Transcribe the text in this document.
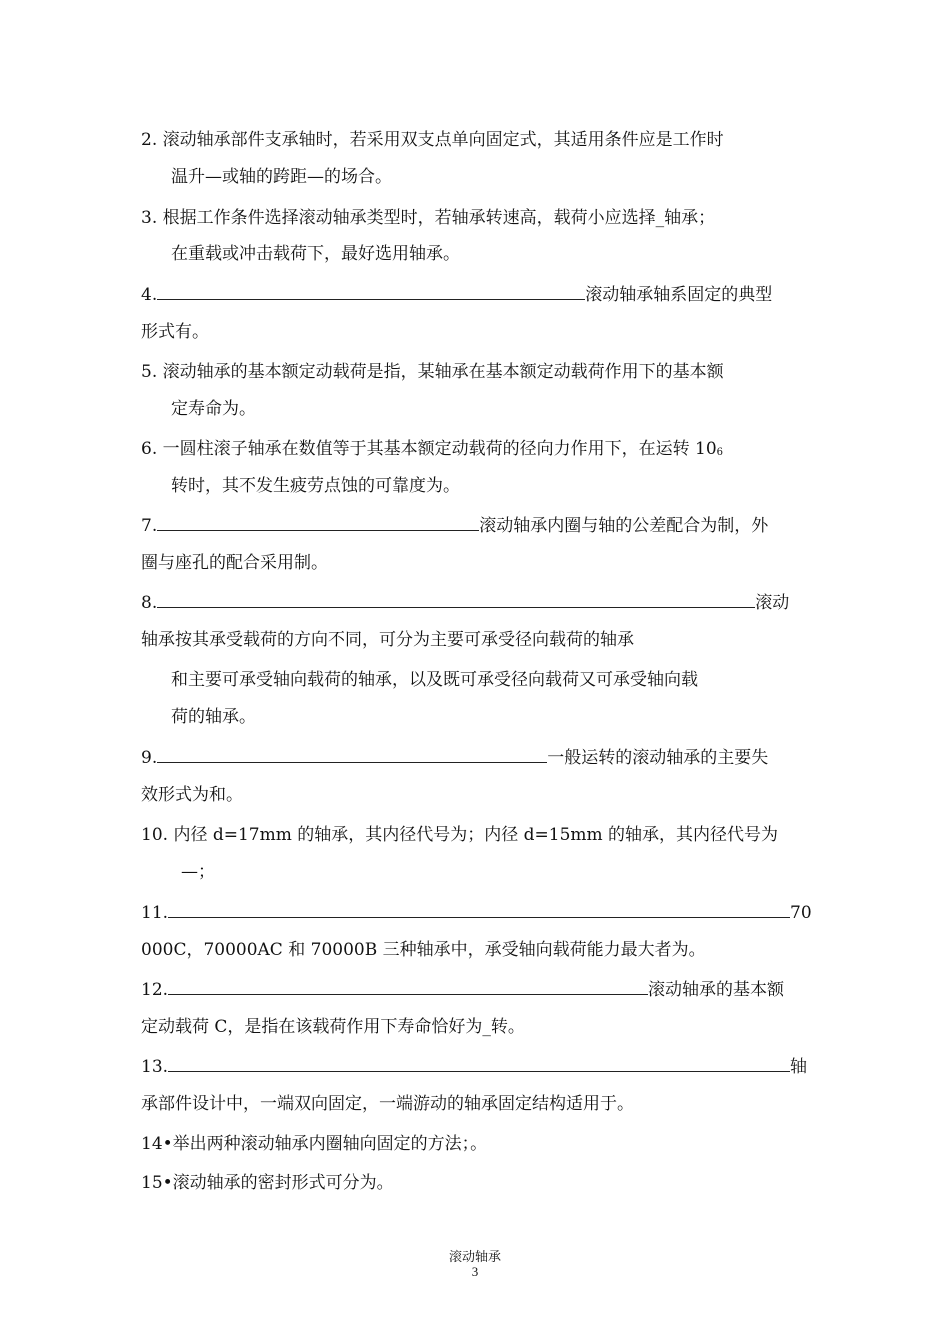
2. 滚动轴承部件支承轴时，若采用双支点单向固定式，其适用条件应是工作时
温升—或轴的跨距—的场合。
3. 根据工作条件选择滚动轴承类型时，若轴承转速高，载荷小应选择_轴承；
在重载或冲击载荷下，最好选用轴承。
4.	滚动轴承轴系固定的典型
形式有。
5. 滚动轴承的基本额定动载荷是指，某轴承在基本额定动载荷作用下的基本额
定寿命为。
6. 一圆柱滚子轴承在数值等于其基本额定动载荷的径向力作用下，在运转 $10_6$
转时，其不发生疲劳点蚀的可靠度为。
7.	滚动轴承内圈与轴的公差配合为制，外
圈与座孔的配合采用制。
8.	滚动
轴承按其承受载荷的方向不同，可分为主要可承受径向载荷的轴承
和主要可承受轴向载荷的轴承，以及既可承受径向载荷又可承受轴向载
荷的轴承。
9.	一般运转的滚动轴承的主要失
效形式为和。
10. 内径 d=17mm 的轴承，其内径代号为；内径 d=15mm 的轴承，其内径代号为
—；
11.	70
000C，70000AC 和 70000B 三种轴承中，承受轴向载荷能力最大者为。
12.	滚动轴承的基本额
定动载荷 C，是指在该载荷作用下寿命恰好为_转。
13.	轴
承部件设计中，一端双向固定，一端游动的轴承固定结构适用于。
14•举出两种滚动轴承内圈轴向固定的方法；。
15•滚动轴承的密封形式可分为。
滚动轴承
3
